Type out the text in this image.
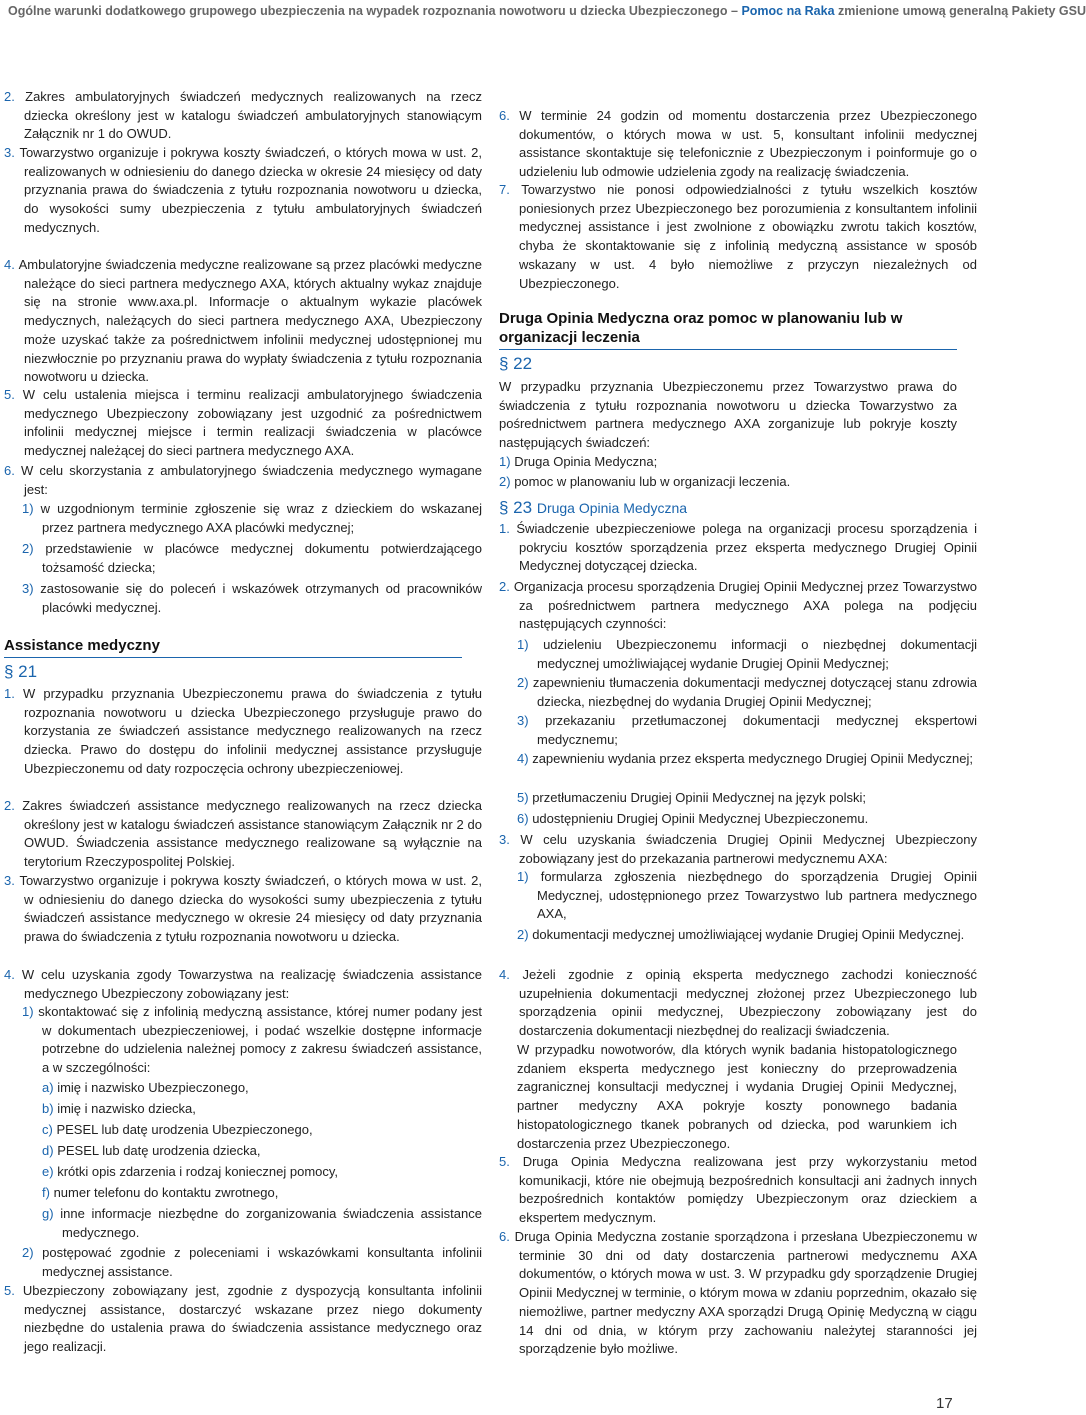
Ogólne warunki dodatkowego grupowego ubezpieczenia na wypadek rozpoznania nowotworu u dziecka Ubezpieczonego – Pomoc na Raka zmienione umową generalną Pakiety GSU
2. Zakres ambulatoryjnych świadczeń medycznych realizowanych na rzecz dziecka określony jest w katalogu świadczeń ambulatoryjnych stanowiącym Załącznik nr 1 do OWUD.
3. Towarzystwo organizuje i pokrywa koszty świadczeń, o których mowa w ust. 2, realizowanych w odniesieniu do danego dziecka w okresie 24 miesięcy od daty przyznania prawa do świadczenia z tytułu rozpoznania nowotworu u dziecka, do wysokości sumy ubezpieczenia z tytułu ambulatoryjnych świadczeń medycznych.
4. Ambulatoryjne świadczenia medyczne realizowane są przez placówki medyczne należące do sieci partnera medycznego AXA, których aktualny wykaz znajduje się na stronie www.axa.pl. Informacje o aktualnym wykazie placówek medycznych, należących do sieci partnera medycznego AXA, Ubezpieczony może uzyskać także za pośrednictwem infolinii medycznej udostępnionej mu niezwłocznie po przyznaniu prawa do wypłaty świadczenia z tytułu rozpoznania nowotworu u dziecka.
5. W celu ustalenia miejsca i terminu realizacji ambulatoryjnego świadczenia medycznego Ubezpieczony zobowiązany jest uzgodnić za pośrednictwem infolinii medycznej miejsce i termin realizacji świadczenia w placówce medycznej należącej do sieci partnera medycznego AXA.
6. W celu skorzystania z ambulatoryjnego świadczenia medycznego wymagane jest:
1) w uzgodnionym terminie zgłoszenie się wraz z dzieckiem do wskazanej przez partnera medycznego AXA placówki medycznej;
2) przedstawienie w placówce medycznej dokumentu potwierdzającego tożsamość dziecka;
3) zastosowanie się do poleceń i wskazówek otrzymanych od pracowników placówki medycznej.
Assistance medyczny
§ 21
1. W przypadku przyznania Ubezpieczonemu prawa do świadczenia z tytułu rozpoznania nowotworu u dziecka Ubezpieczonego przysługuje prawo do korzystania ze świadczeń assistance medycznego realizowanych na rzecz dziecka. Prawo do dostępu do infolinii medycznej assistance przysługuje Ubezpieczonemu od daty rozpoczęcia ochrony ubezpieczeniowej.
2. Zakres świadczeń assistance medycznego realizowanych na rzecz dziecka określony jest w katalogu świadczeń assistance stanowiącym Załącznik nr 2 do OWUD. Świadczenia assistance medycznego realizowane są wyłącznie na terytorium Rzeczypospolitej Polskiej.
3. Towarzystwo organizuje i pokrywa koszty świadczeń, o których mowa w ust. 2, w odniesieniu do danego dziecka do wysokości sumy ubezpieczenia z tytułu świadczeń assistance medycznego w okresie 24 miesięcy od daty przyznania prawa do świadczenia z tytułu rozpoznania nowotworu u dziecka.
4. W celu uzyskania zgody Towarzystwa na realizację świadczenia assistance medycznego Ubezpieczony zobowiązany jest:
1) skontaktować się z infolinią medyczną assistance, której numer podany jest w dokumentach ubezpieczeniowej, i podać wszelkie dostępne informacje potrzebne do udzielenia należnej pomocy z zakresu świadczeń assistance, a w szczególności:
a) imię i nazwisko Ubezpieczonego,
b) imię i nazwisko dziecka,
c) PESEL lub datę urodzenia Ubezpieczonego,
d) PESEL lub datę urodzenia dziecka,
e) krótki opis zdarzenia i rodzaj koniecznej pomocy,
f) numer telefonu do kontaktu zwrotnego,
g) inne informacje niezbędne do zorganizowania świadczenia assistance medycznego.
2) postępować zgodnie z poleceniami i wskazówkami konsultanta infolinii medycznej assistance.
5. Ubezpieczony zobowiązany jest, zgodnie z dyspozycją konsultanta infolinii medycznej assistance, dostarczyć wskazane przez niego dokumenty niezbędne do ustalenia prawa do świadczenia assistance medycznego oraz jego realizacji.
6. W terminie 24 godzin od momentu dostarczenia przez Ubezpieczonego dokumentów, o których mowa w ust. 5, konsultant infolinii medycznej assistance skontaktuje się telefonicznie z Ubezpieczonym i poinformuje go o udzieleniu lub odmowie udzielenia zgody na realizację świadczenia.
7. Towarzystwo nie ponosi odpowiedzialności z tytułu wszelkich kosztów poniesionych przez Ubezpieczonego bez porozumienia z konsultantem infolinii medycznej assistance i jest zwolnione z obowiązku zwrotu takich kosztów, chyba że skontaktowanie się z infolinią medyczną assistance w sposób wskazany w ust. 4 było niemożliwe z przyczyn niezależnych od Ubezpieczonego.
Druga Opinia Medyczna oraz pomoc w planowaniu lub w organizacji leczenia
§ 22
W przypadku przyznania Ubezpieczonemu przez Towarzystwo prawa do świadczenia z tytułu rozpoznania nowotworu u dziecka Towarzystwo za pośrednictwem partnera medycznego AXA zorganizuje lub pokryje koszty następujących świadczeń:
1) Druga Opinia Medyczna;
2) pomoc w planowaniu lub w organizacji leczenia.
§ 23 Druga Opinia Medyczna
1. Świadczenie ubezpieczeniowe polega na organizacji procesu sporządzenia i pokryciu kosztów sporządzenia przez eksperta medycznego Drugiej Opinii Medycznej dotyczącej dziecka.
2. Organizacja procesu sporządzenia Drugiej Opinii Medycznej przez Towarzystwo za pośrednictwem partnera medycznego AXA polega na podjęciu następujących czynności:
1) udzieleniu Ubezpieczonemu informacji o niezbędnej dokumentacji medycznej umożliwiającej wydanie Drugiej Opinii Medycznej;
2) zapewnieniu tłumaczenia dokumentacji medycznej dotyczącej stanu zdrowia dziecka, niezbędnej do wydania Drugiej Opinii Medycznej;
3) przekazaniu przetłumaczonej dokumentacji medycznej ekspertowi medycznemu;
4) zapewnieniu wydania przez eksperta medycznego Drugiej Opinii Medycznej;
5) przetłumaczeniu Drugiej Opinii Medycznej na język polski;
6) udostępnieniu Drugiej Opinii Medycznej Ubezpieczonemu.
3. W celu uzyskania świadczenia Drugiej Opinii Medycznej Ubezpieczony zobowiązany jest do przekazania partnerowi medycznemu AXA:
1) formularza zgłoszenia niezbędnego do sporządzenia Drugiej Opinii Medycznej, udostępnionego przez Towarzystwo lub partnera medycznego AXA,
2) dokumentacji medycznej umożliwiającej wydanie Drugiej Opinii Medycznej.
4. Jeżeli zgodnie z opinią eksperta medycznego zachodzi konieczność uzupełnienia dokumentacji medycznej złożonej przez Ubezpieczonego lub sporządzenia opinii medycznej, Ubezpieczony zobowiązany jest do dostarczenia dokumentacji niezbędnej do realizacji świadczenia.
W przypadku nowotworów, dla których wynik badania histopatologicznego zdaniem eksperta medycznego jest konieczny do przeprowadzenia zagranicznej konsultacji medycznej i wydania Drugiej Opinii Medycznej, partner medyczny AXA pokryje koszty ponownego badania histopatologicznego tkanek pobranych od dziecka, pod warunkiem ich dostarczenia przez Ubezpieczonego.
5. Druga Opinia Medyczna realizowana jest przy wykorzystaniu metod komunikacji, które nie obejmują bezpośrednich konsultacji ani żadnych innych bezpośrednich kontaktów pomiędzy Ubezpieczonym oraz dzieckiem a ekspertem medycznym.
6. Druga Opinia Medyczna zostanie sporządzona i przesłana Ubezpieczonemu w terminie 30 dni od daty dostarczenia partnerowi medycznemu AXA dokumentów, o których mowa w ust. 3. W przypadku gdy sporządzenie Drugiej Opinii Medycznej w terminie, o którym mowa w zdaniu poprzednim, okazało się niemożliwe, partner medyczny AXA sporządzi Drugą Opinię Medyczną w ciągu 14 dni od dnia, w którym przy zachowaniu należytej staranności jej sporządzenie było możliwe.
17
